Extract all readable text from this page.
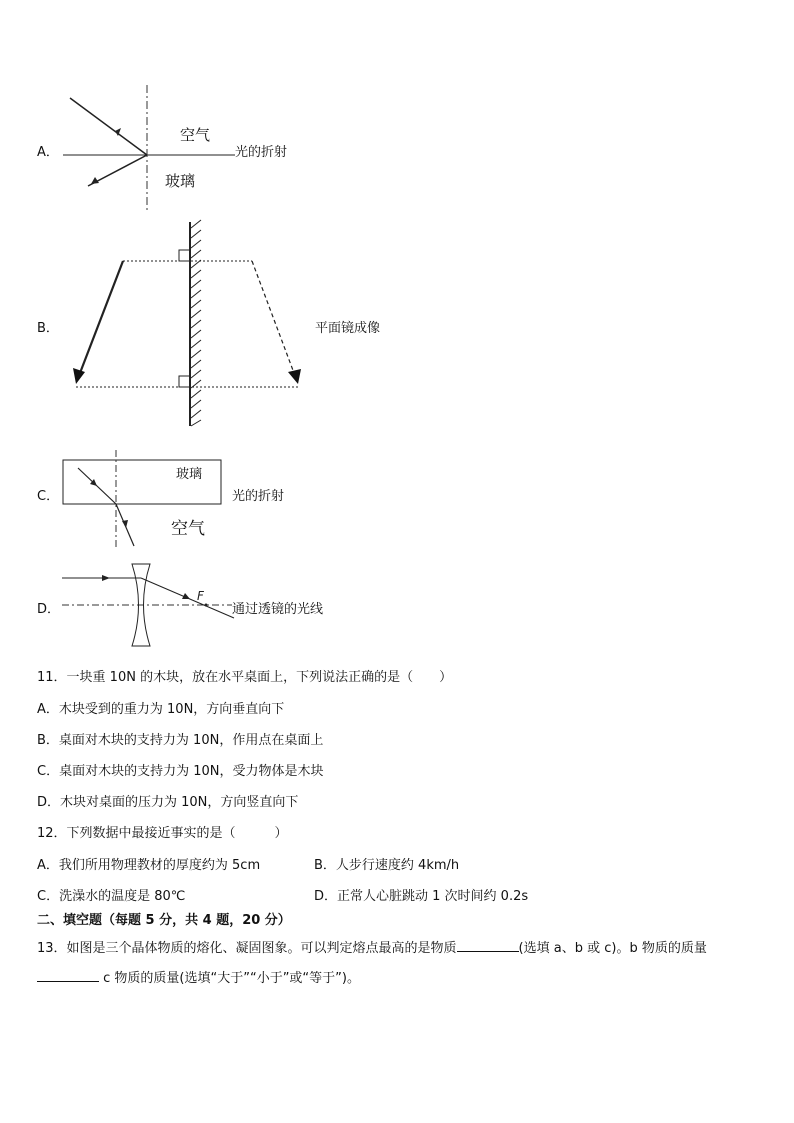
A．
空气
玻璃
光的折射
B．	平面镜成像
C．
玻璃
空气
光的折射
D．
F
通过透镜的光线
11．一块重 10N 的木块，放在水平桌面上，下列说法正确的是（　　）
A．木块受到的重力为 10N，方向垂直向下
B．桌面对木块的支持力为 10N，作用点在桌面上
C．桌面对木块的支持力为 10N，受力物体是木块
D．木块对桌面的压力为 10N，方向竖直向下
12．下列数据中最接近事实的是（　　　）
A．我们所用物理教材的厚度约为 5cm	B．人步行速度约 4km/h
C．洗澡水的温度是 80℃	D．正常人心脏跳动 1 次时间约 0.2s
二、填空题（每题 5 分，共 4 题，20 分）
13．如图是三个晶体物质的熔化、凝固图象。可以判定熔点最高的是物质	(选填 a、b 或 c)。b 物质的质量
c 物质的质量(选填“大于”“小于”或“等于”)。
